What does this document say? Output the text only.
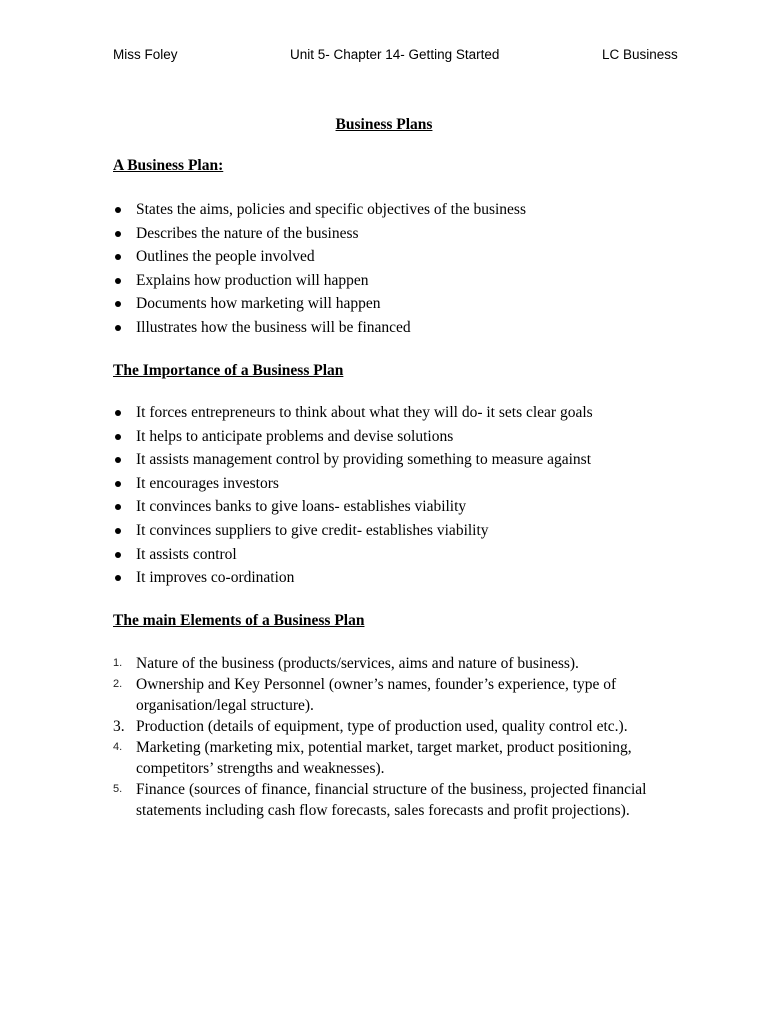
Miss Foley	Unit 5- Chapter 14- Getting Started	LC Business
Business Plans
A Business Plan:
States the aims, policies and specific objectives of the business
Describes the nature of the business
Outlines the people involved
Explains how production will happen
Documents how marketing will happen
Illustrates how the business will be financed
The Importance of a Business Plan
It forces entrepreneurs to think about what they will do- it sets clear goals
It helps to anticipate problems and devise solutions
It assists management control by providing something to measure against
It encourages investors
It convinces banks to give loans- establishes viability
It convinces suppliers to give credit- establishes viability
It assists control
It improves co-ordination
The main Elements of a Business Plan
1. Nature of the business (products/services, aims and nature of business).
2. Ownership and Key Personnel (owner’s names, founder’s experience, type of organisation/legal structure).
3. Production (details of equipment, type of production used, quality control etc.).
4. Marketing (marketing mix, potential market, target market, product positioning, competitors’ strengths and weaknesses).
5. Finance (sources of finance, financial structure of the business, projected financial statements including cash flow forecasts, sales forecasts and profit projections).
